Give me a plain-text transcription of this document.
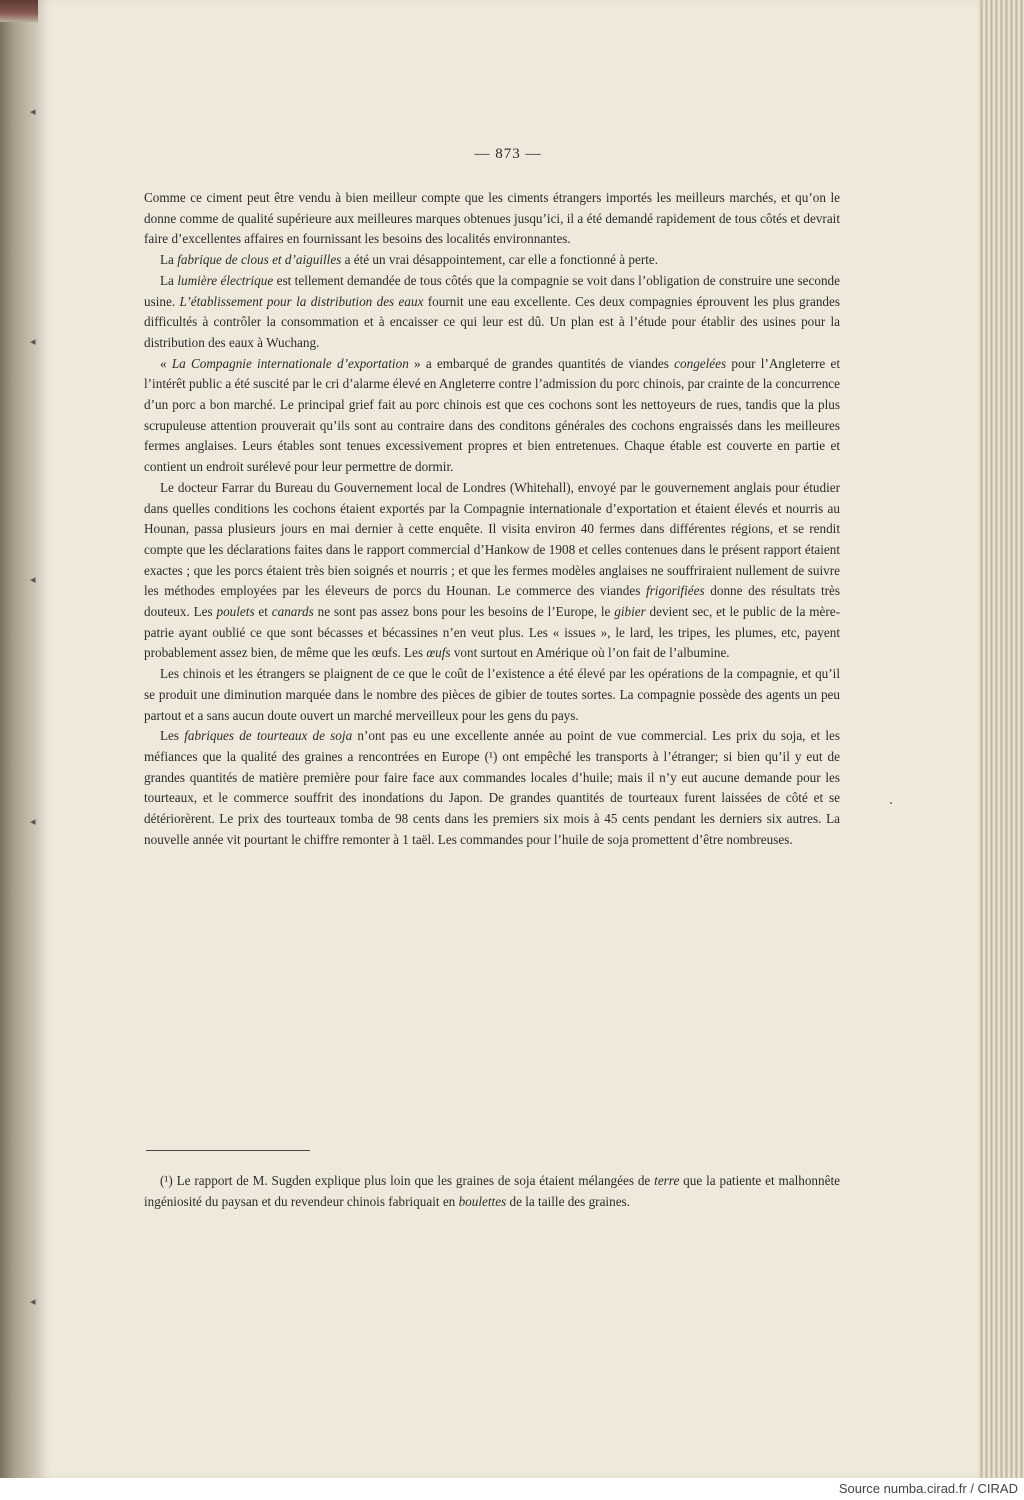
— 873 —

Comme ce ciment peut être vendu à bien meilleur compte que les ciments étrangers importés les meilleurs marchés, et qu’on le donne comme de qualité supérieure aux meilleures marques obtenues jusqu’ici, il a été demandé rapidement de tous côtés et devrait faire d’excellentes affaires en fournissant les besoins des localités environnantes.

La fabrique de clous et d’aiguilles a été un vrai désappointement, car elle a fonctionné à perte.

La lumière électrique est tellement demandée de tous côtés que la compagnie se voit dans l’obligation de construire une seconde usine. L’établissement pour la distribution des eaux fournit une eau excellente. Ces deux compagnies éprouvent les plus grandes difficultés à contrôler la consommation et à encaisser ce qui leur est dû. Un plan est à l’étude pour établir des usines pour la distribution des eaux à Wuchang.

« La Compagnie internationale d’exportation » a embarqué de grandes quantités de viandes congelées pour l’Angleterre et l’intérêt public a été suscité par le cri d’alarme élevé en Angleterre contre l’admission du porc chinois, par crainte de la concurrence d’un porc a bon marché. Le principal grief fait au porc chinois est que ces cochons sont les nettoyeurs de rues, tandis que la plus scrupuleuse attention prouverait qu’ils sont au contraire dans des conditons générales des cochons engraissés dans les meilleures fermes anglaises. Leurs étables sont tenues excessivement propres et bien entretenues. Chaque étable est couverte en partie et contient un endroit surélevé pour leur permettre de dormir.

Le docteur Farrar du Bureau du Gouvernement local de Londres (Whitehall), envoyé par le gouvernement anglais pour étudier dans quelles conditions les cochons étaient exportés par la Compagnie internationale d’exportation et étaient élevés et nourris au Hounan, passa plusieurs jours en mai dernier à cette enquête. Il visita environ 40 fermes dans différentes régions, et se rendit compte que les déclarations faites dans le rapport commercial d’Hankow de 1908 et celles contenues dans le présent rapport étaient exactes ; que les porcs étaient très bien soignés et nourris ; et que les fermes modèles anglaises ne souffriraient nullement de suivre les méthodes employées par les éleveurs de porcs du Hounan. Le commerce des viandes frigorifiées donne des résultats très douteux. Les poulets et canards ne sont pas assez bons pour les besoins de l’Europe, le gibier devient sec, et le public de la mère-patrie ayant oublié ce que sont bécasses et bécassines n’en veut plus. Les « issues », le lard, les tripes, les plumes, etc, payent probablement assez bien, de même que les œufs. Les œufs vont surtout en Amérique où l’on fait de l’albumine.

Les chinois et les étrangers se plaignent de ce que le coût de l’existence a été élevé par les opérations de la compagnie, et qu’il se produit une diminution marquée dans le nombre des pièces de gibier de toutes sortes. La compagnie possède des agents un peu partout et a sans aucun doute ouvert un marché merveilleux pour les gens du pays.

Les fabriques de tourteaux de soja n’ont pas eu une excellente année au point de vue commercial. Les prix du soja, et les méfiances que la qualité des graines a rencontrées en Europe (¹) ont empêché les transports à l’étranger; si bien qu’il y eut de grandes quantités de matière première pour faire face aux commandes locales d’huile; mais il n’y eut aucune demande pour les tourteaux, et le commerce souffrit des inondations du Japon. De grandes quantités de tourteaux furent laissées de côté et se détériorèrent. Le prix des tourteaux tomba de 98 cents dans les premiers six mois à 45 cents pendant les derniers six autres. La nouvelle année vit pourtant le chiffre remonter à 1 taël. Les commandes pour l’huile de soja promettent d’être nombreuses.

(¹) Le rapport de M. Sugden explique plus loin que les graines de soja étaient mélangées de terre que la patiente et malhonnête ingéniosité du paysan et du revendeur chinois fabriquait en boulettes de la taille des graines.

◂
◂
◂
◂
◂
Source numba.cirad.fr / CIRAD
